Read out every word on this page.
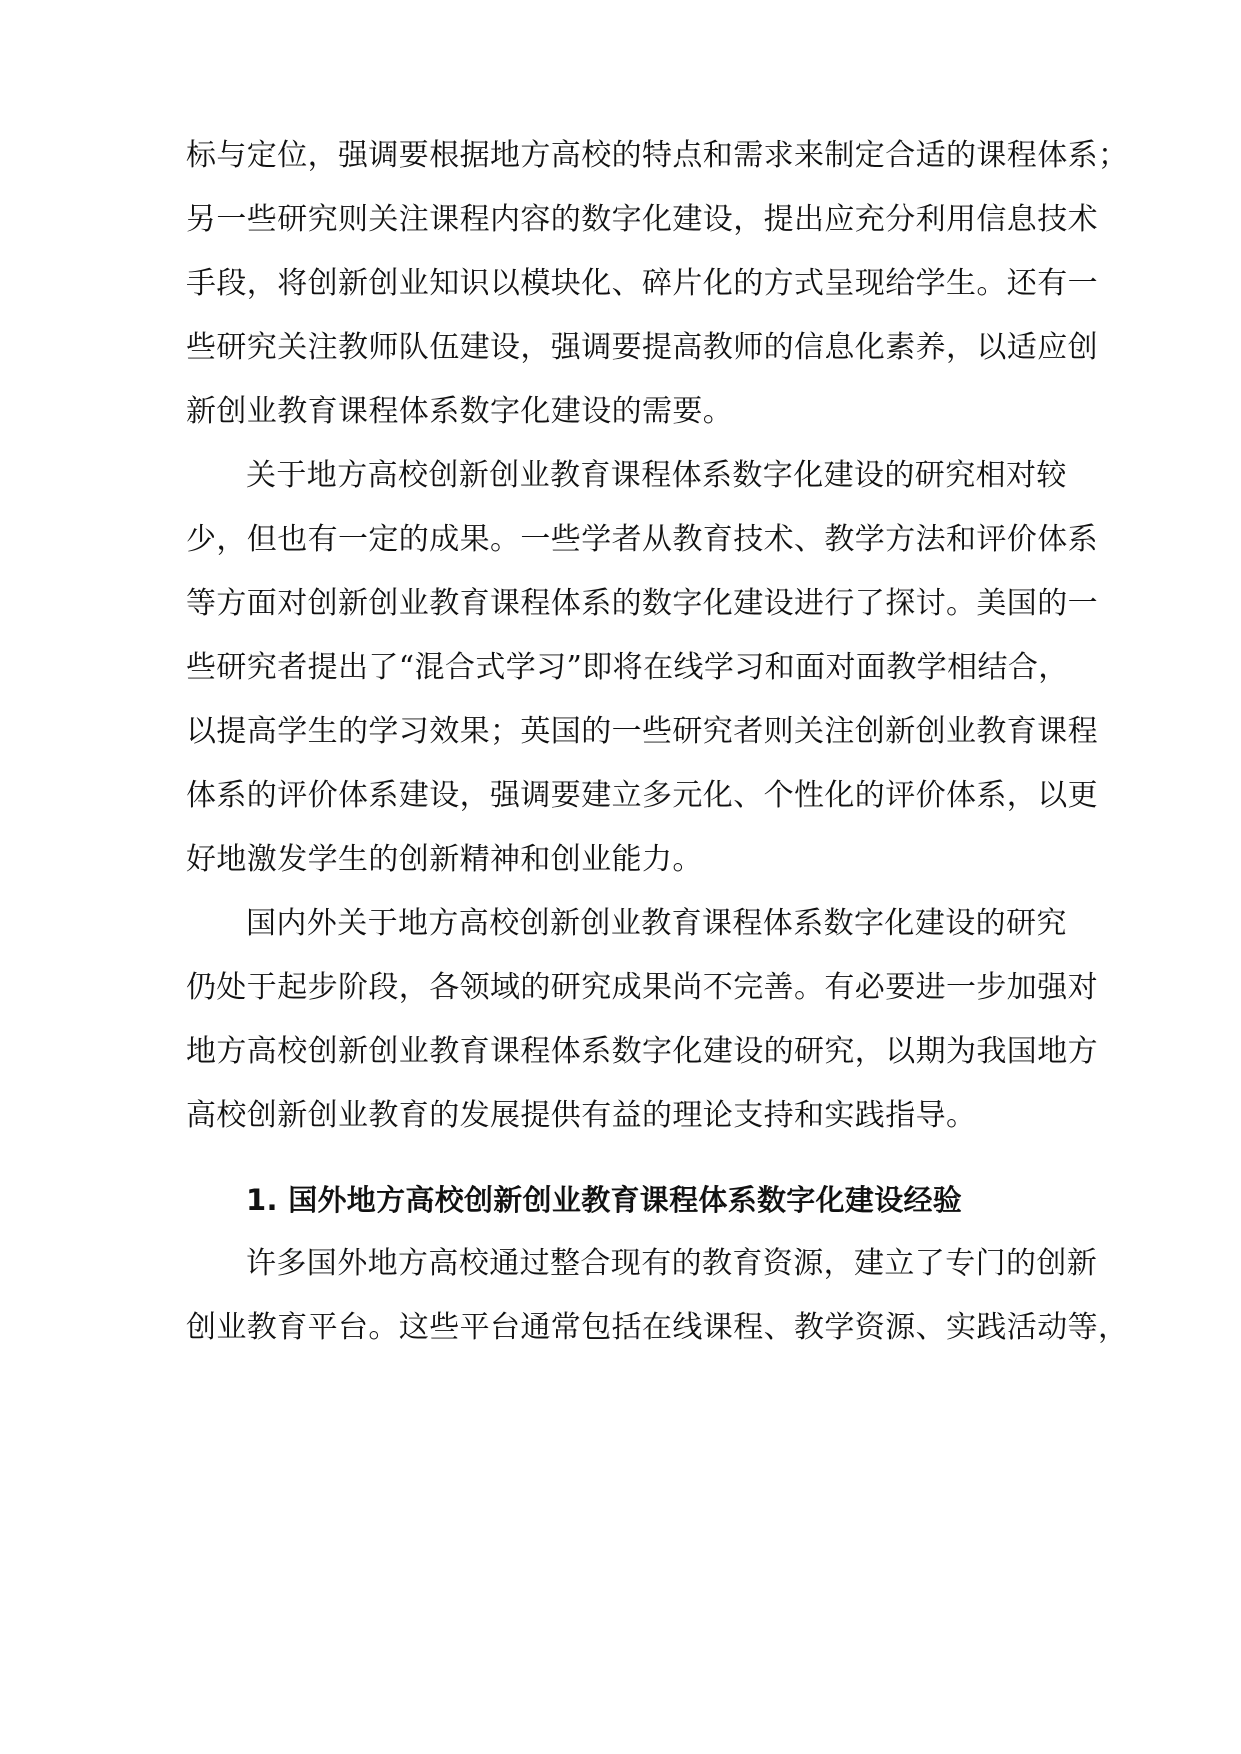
标与定位，强调要根据地方高校的特点和需求来制定合适的课程体系；
另一些研究则关注课程内容的数字化建设，提出应充分利用信息技术
手段，将创新创业知识以模块化、碎片化的方式呈现给学生。还有一
些研究关注教师队伍建设，强调要提高教师的信息化素养，以适应创
新创业教育课程体系数字化建设的需要。
关于地方高校创新创业教育课程体系数字化建设的研究相对较
少，但也有一定的成果。一些学者从教育技术、教学方法和评价体系
等方面对创新创业教育课程体系的数字化建设进行了探讨。美国的一
些研究者提出了“混合式学习”即将在线学习和面对面教学相结合，
以提高学生的学习效果；英国的一些研究者则关注创新创业教育课程
体系的评价体系建设，强调要建立多元化、个性化的评价体系，以更
好地激发学生的创新精神和创业能力。
国内外关于地方高校创新创业教育课程体系数字化建设的研究
仍处于起步阶段，各领域的研究成果尚不完善。有必要进一步加强对
地方高校创新创业教育课程体系数字化建设的研究，以期为我国地方
高校创新创业教育的发展提供有益的理论支持和实践指导。
1. 国外地方高校创新创业教育课程体系数字化建设经验
许多国外地方高校通过整合现有的教育资源，建立了专门的创新
创业教育平台。这些平台通常包括在线课程、教学资源、实践活动等，
